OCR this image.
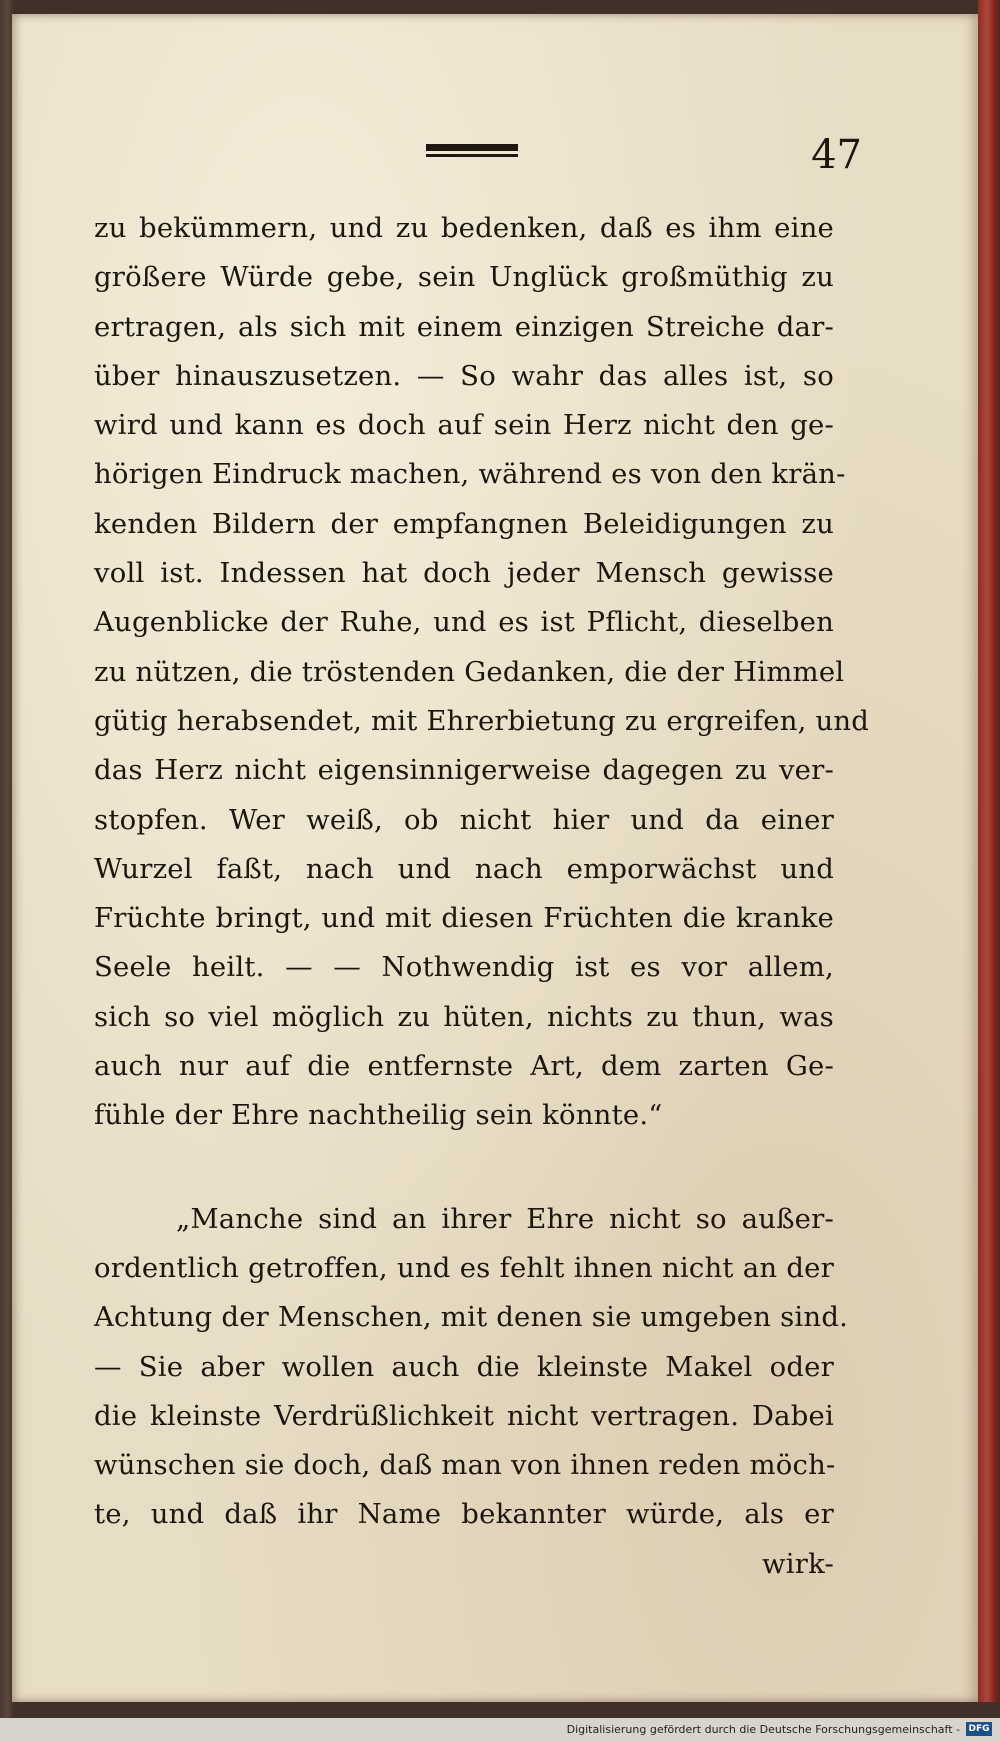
47
zu bekümmern, und zu bedenken, daß es ihm eine
größere Würde gebe, sein Unglück großmüthig zu
ertragen, als sich mit einem einzigen Streiche dar-
über hinauszusetzen. — So wahr das alles ist, so
wird und kann es doch auf sein Herz nicht den ge-
hörigen Eindruck machen, während es von den krän-
kenden Bildern der empfangnen Beleidigungen zu
voll ist. Indessen hat doch jeder Mensch gewisse
Augenblicke der Ruhe, und es ist Pflicht, dieselben
zu nützen, die tröstenden Gedanken, die der Himmel
gütig herabsendet, mit Ehrerbietung zu ergreifen, und
das Herz nicht eigensinnigerweise dagegen zu ver-
stopfen. Wer weiß, ob nicht hier und da einer
Wurzel faßt, nach und nach emporwächst und
Früchte bringt, und mit diesen Früchten die kranke
Seele heilt. — — Nothwendig ist es vor allem,
sich so viel möglich zu hüten, nichts zu thun, was
auch nur auf die entfernste Art, dem zarten Ge-
fühle der Ehre nachtheilig sein könnte.“
„Manche sind an ihrer Ehre nicht so außer-
ordentlich getroffen, und es fehlt ihnen nicht an der
Achtung der Menschen, mit denen sie umgeben sind.
— Sie aber wollen auch die kleinste Makel oder
die kleinste Verdrüßlichkeit nicht vertragen. Dabei
wünschen sie doch, daß man von ihnen reden möch-
te, und daß ihr Name bekannter würde, als er
wirk-
Digitalisierung gefördert durch die Deutsche Forschungsgemeinschaft - DFG
